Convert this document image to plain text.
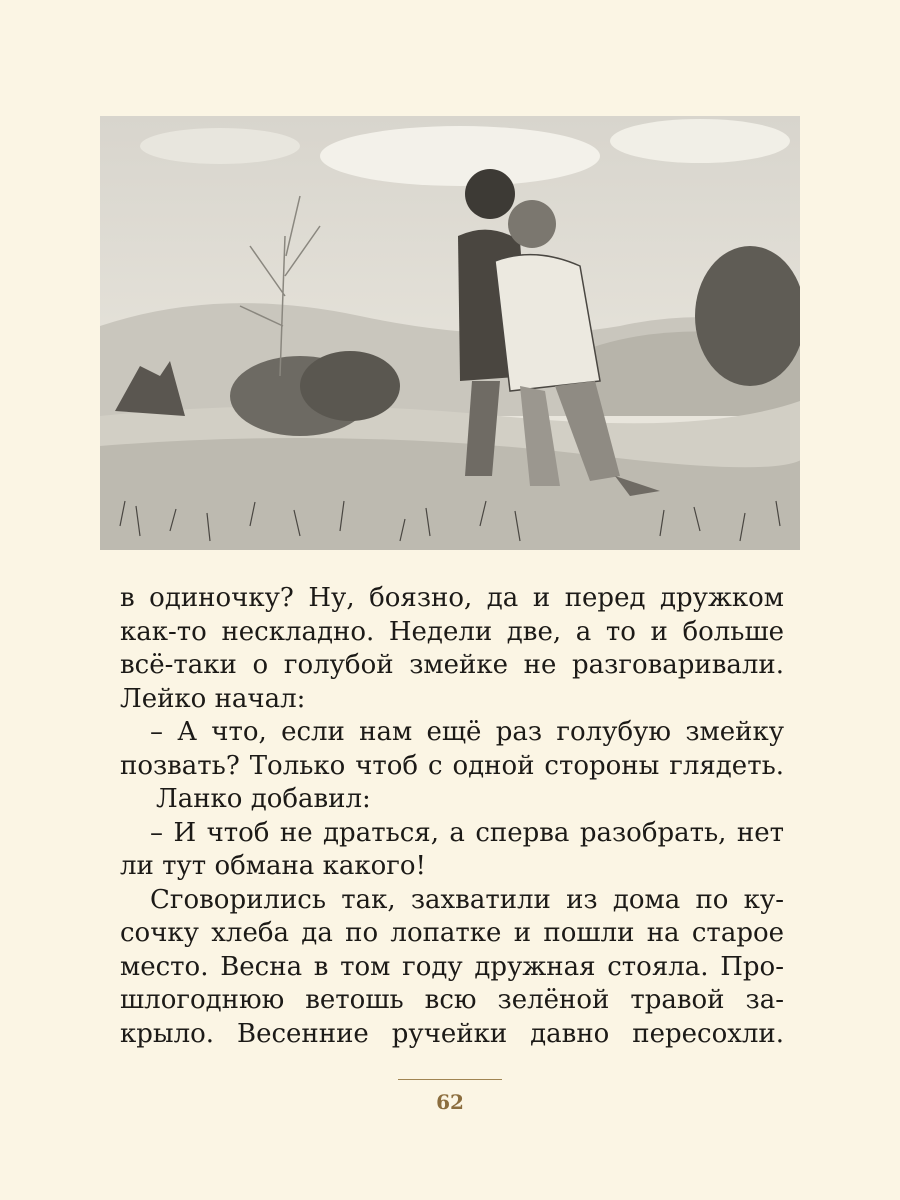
в одиночку? Ну, боязно, да и перед дружком
как-то нескладно. Недели две, а то и больше
всё-таки о голубой змейке не разговаривали.
Лейко начал:
– А что, если нам ещё раз голубую змейку
позвать? Только чтоб с одной стороны глядеть.
Ланко добавил:
– И чтоб не драться, а сперва разобрать, нет
ли тут обмана какого!
Сговорились так, захватили из дома по ку-
сочку хлеба да по лопатке и пошли на старое
место. Весна в том году дружная стояла. Про-
шлогоднюю ветошь всю зелёной травой за-
крыло. Весенние ручейки давно пересохли.
62
